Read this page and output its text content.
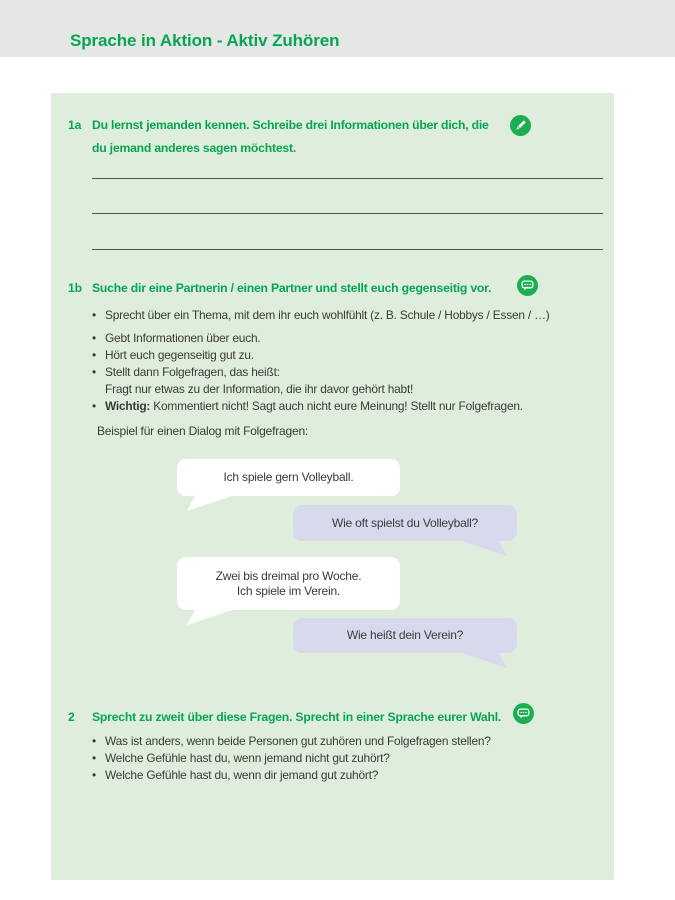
Sprache in Aktion - Aktiv Zuhören
1a Du lernst jemanden kennen. Schreibe drei Informationen über dich, die du jemand anderes sagen möchtest.
1b Suche dir eine Partnerin / einen Partner und stellt euch gegenseitig vor.
• Sprecht über ein Thema, mit dem ihr euch wohlfühlt (z. B. Schule / Hobbys / Essen / …)
• Gebt Informationen über euch.
• Hört euch gegenseitig gut zu.
• Stellt dann Folgefragen, das heißt:
Fragt nur etwas zu der Information, die ihr davor gehört habt!
• Wichtig: Kommentiert nicht! Sagt auch nicht eure Meinung! Stellt nur Folgefragen.
Beispiel für einen Dialog mit Folgefragen:
Ich spiele gern Volleyball.
Wie oft spielst du Volleyball?
Zwei bis dreimal pro Woche.
Ich spiele im Verein.
Wie heißt dein Verein?
2	Sprecht zu zweit über diese Fragen. Sprecht in einer Sprache eurer Wahl.
• Was ist anders, wenn beide Personen gut zuhören und Folgefragen stellen?
• Welche Gefühle hast du, wenn jemand nicht gut zuhört?
• Welche Gefühle hast du, wenn dir jemand gut zuhört?
